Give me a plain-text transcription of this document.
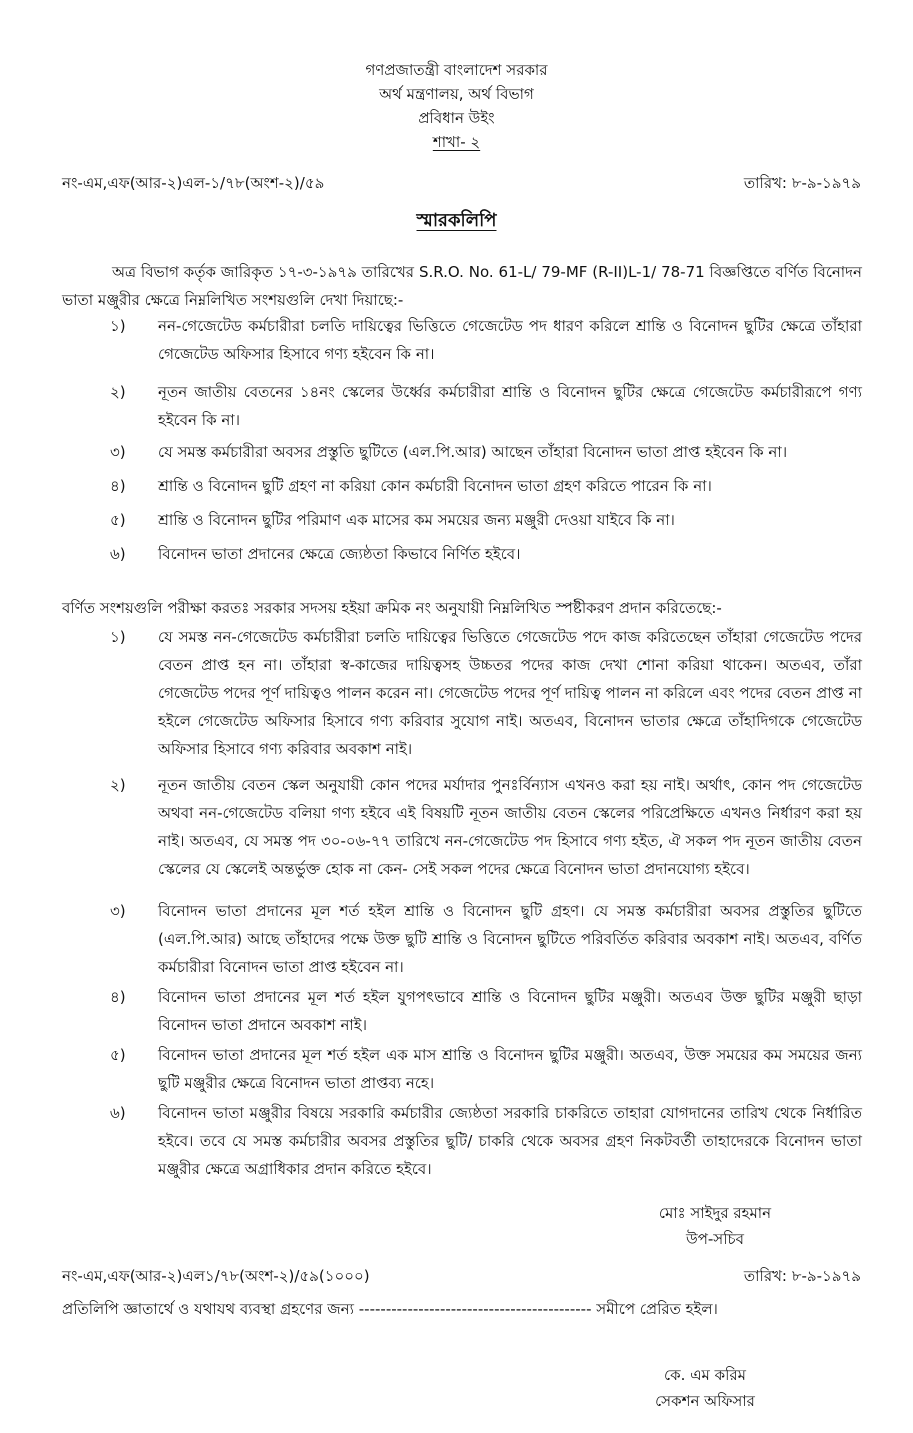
গণপ্রজাতন্ত্রী বাংলাদেশ সরকার
অর্থ মন্ত্রণালয়, অর্থ বিভাগ
প্রবিধান উইং
শাখা- ২
নং-এম,এফ(আর-২)এল-১/৭৮(অংশ-২)/৫৯	তারিখ: ৮-৯-১৯৭৯
স্মারকলিপি
অত্র বিভাগ কর্তৃক জারিকৃত ১৭-৩-১৯৭৯ তারিখের S.R.O. No. 61-L/ 79-MF (R-II)L-1/ 78-71 বিজ্ঞপ্তিতে বর্ণিত বিনোদন ভাতা মঞ্জুরীর ক্ষেত্রে নিম্নলিখিত সংশয়গুলি দেখা দিয়াছে:-
১)	নন-গেজেটেড কর্মচারীরা চলতি দায়িত্বের ভিত্তিতে গেজেটেড পদ ধারণ করিলে শ্রান্তি ও বিনোদন ছুটির ক্ষেত্রে তাঁহারা গেজেটেড অফিসার হিসাবে গণ্য হইবেন কি না।
২)	নূতন জাতীয় বেতনের ১৪নং স্কেলের উর্ধ্বের কর্মচারীরা শ্রান্তি ও বিনোদন ছুটির ক্ষেত্রে গেজেটেড কর্মচারীরূপে গণ্য হইবেন কি না।
৩)	যে সমস্ত কর্মচারীরা অবসর প্রস্তুতি ছুটিতে (এল.পি.আর) আছেন তাঁহারা বিনোদন ভাতা প্রাপ্ত হইবেন কি না।
৪)	শ্রান্তি ও বিনোদন ছুটি গ্রহণ না করিয়া কোন কর্মচারী বিনোদন ভাতা গ্রহণ করিতে পারেন কি না।
৫)	শ্রান্তি ও বিনোদন ছুটির পরিমাণ এক মাসের কম সময়ের জন্য মঞ্জুরী দেওয়া যাইবে কি না।
৬)	বিনোদন ভাতা প্রদানের ক্ষেত্রে জ্যেষ্ঠতা কিভাবে নির্ণিত হইবে।
বর্ণিত সংশয়গুলি পরীক্ষা করতঃ সরকার সদসয় হইয়া ক্রমিক নং অনুযায়ী নিম্নলিখিত স্পষ্টীকরণ প্রদান করিতেছে:-
১)	যে সমস্ত নন-গেজেটেড কর্মচারীরা চলতি দায়িত্বের ভিত্তিতে গেজেটেড পদে কাজ করিতেছেন তাঁহারা গেজেটেড পদের বেতন প্রাপ্ত হন না। তাঁহারা স্ব-কাজের দায়িত্বসহ উচ্চতর পদের কাজ দেখা শোনা করিয়া থাকেন। অতএব, তাঁরা গেজেটেড পদের পূর্ণ দায়িত্বও পালন করেন না। গেজেটেড পদের পূর্ণ দায়িত্ব পালন না করিলে এবং পদের বেতন প্রাপ্ত না হইলে গেজেটেড অফিসার হিসাবে গণ্য করিবার সুযোগ নাই। অতএব, বিনোদন ভাতার ক্ষেত্রে তাঁহাদিগকে গেজেটেড অফিসার হিসাবে গণ্য করিবার অবকাশ নাই।
২)	নূতন জাতীয় বেতন স্কেল অনুযায়ী কোন পদের মর্যাদার পুনঃর্বিন্যাস এখনও করা হয় নাই। অর্থাৎ, কোন পদ গেজেটেড অথবা নন-গেজেটেড বলিয়া গণ্য হইবে এই বিষয়টি নূতন জাতীয় বেতন স্কেলের পরিপ্রেক্ষিতে এখনও নির্ধারণ করা হয় নাই। অতএব, যে সমস্ত পদ ৩০-০৬-৭৭ তারিখে নন-গেজেটেড পদ হিসাবে গণ্য হইত, ঐ সকল পদ নূতন জাতীয় বেতন স্কেলের যে স্কেলেই অন্তর্ভুক্ত হোক না কেন- সেই সকল পদের ক্ষেত্রে বিনোদন ভাতা প্রদানযোগ্য হইবে।
৩)	বিনোদন ভাতা প্রদানের মূল শর্ত হইল শ্রান্তি ও বিনোদন ছুটি গ্রহণ। যে সমস্ত কর্মচারীরা অবসর প্রস্তুতির ছুটিতে (এল.পি.আর) আছে তাঁহাদের পক্ষে উক্ত ছুটি শ্রান্তি ও বিনোদন ছুটিতে পরিবর্তিত করিবার অবকাশ নাই। অতএব, বর্ণিত কর্মচারীরা বিনোদন ভাতা প্রাপ্ত হইবেন না।
৪)	বিনোদন ভাতা প্রদানের মূল শর্ত হইল যুগপৎভাবে শ্রান্তি ও বিনোদন ছুটির মঞ্জুরী। অতএব উক্ত ছুটির মঞ্জুরী ছাড়া বিনোদন ভাতা প্রদানে অবকাশ নাই।
৫)	বিনোদন ভাতা প্রদানের মূল শর্ত হইল এক মাস শ্রান্তি ও বিনোদন ছুটির মঞ্জুরী। অতএব, উক্ত সময়ের কম সময়ের জন্য ছুটি মঞ্জুরীর ক্ষেত্রে বিনোদন ভাতা প্রাপ্তব্য নহে।
৬)	বিনোদন ভাতা মঞ্জুরীর বিষয়ে সরকারি কর্মচারীর জ্যেষ্ঠতা সরকারি চাকরিতে তাহারা যোগদানের তারিখ থেকে নির্ধারিত হইবে। তবে যে সমস্ত কর্মচারীর অবসর প্রস্তুতির ছুটি/ চাকরি থেকে অবসর গ্রহণ নিকটবর্তী তাহাদেরকে বিনোদন ভাতা মঞ্জুরীর ক্ষেত্রে অগ্রাধিকার প্রদান করিতে হইবে।
মোঃ সাইদুর রহমান
উপ-সচিব
নং-এম,এফ(আর-২)এল১/৭৮(অংশ-২)/৫৯(১০০০)	তারিখ: ৮-৯-১৯৭৯
প্রতিলিপি জ্ঞাতার্থে ও যথাযথ ব্যবস্থা গ্রহণের জন্য ------------------------------------------- সমীপে প্রেরিত হইল।
কে. এম করিম
সেকশন অফিসার
